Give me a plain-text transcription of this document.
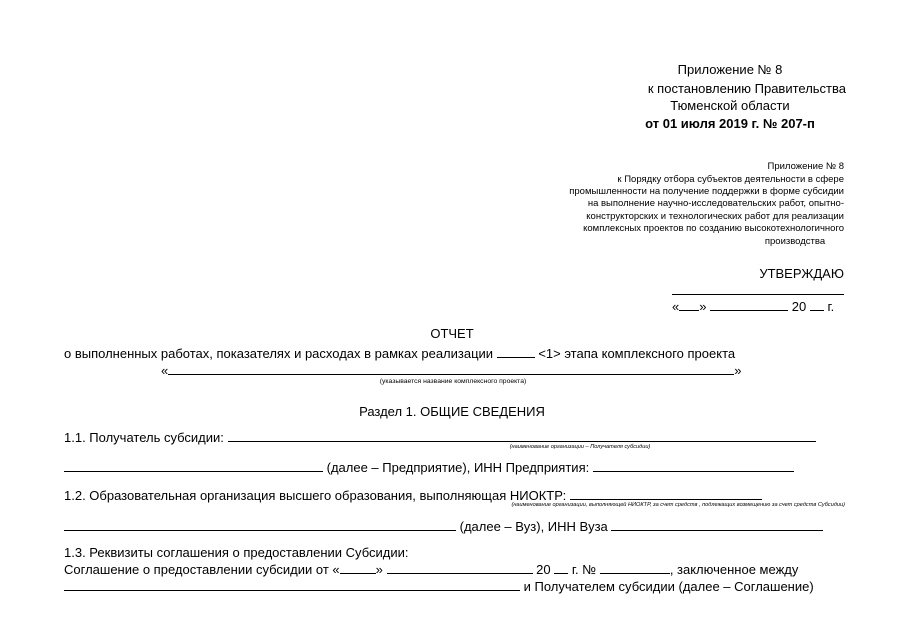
Приложение № 8
к постановлению Правительства
Тюменской области
от 01 июля 2019 г. № 207-п
Приложение № 8
к Порядку отбора субъектов деятельности в сфере
промышленности на получение поддержки в форме субсидии
на выполнение научно-исследовательских работ, опытно-
конструкторских и технологических работ для реализации
комплексных проектов по созданию высокотехнологичного
производства
УТВЕРЖДАЮ
« »	20 г.
ОТЧЕТ
о выполненных работах, показателях и расходах в рамках реализации	<1> этапа комплексного проекта
«	»
(указывается название комплексного проекта)
Раздел 1. ОБЩИЕ СВЕДЕНИЯ
1.1. Получатель субсидии:
(наименование организации – Получателя субсидии)
(далее – Предприятие), ИНН Предприятия:
1.2. Образовательная организация высшего образования, выполняющая НИОКТР:
(наименование организации, выполняющей НИОКТР, за счет средств , подлежащих возмещению за счет средств Субсидии)
(далее – Вуз), ИНН Вуза
1.3. Реквизиты соглашения о предоставлении Субсидии:
Соглашение о предоставлении субсидии от «	»	20 г. №	, заключенное между
и Получателем субсидии (далее – Соглашение)
